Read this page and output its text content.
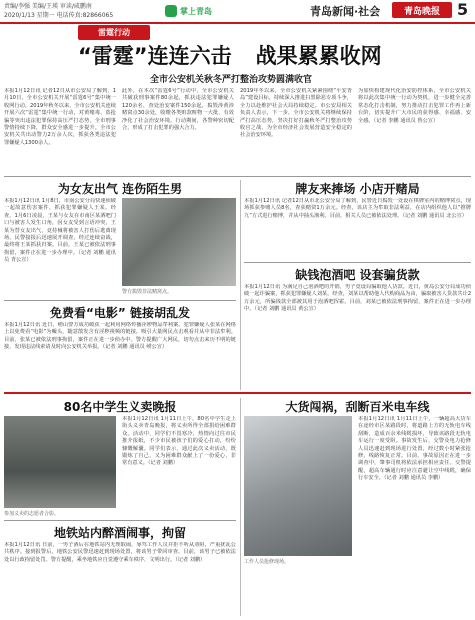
责编/李强 美编/王瑛 审读/咸鹏南
2020/1/13 星期一 电话传真:82866065	掌上青岛	青岛新闻·社会	青岛晚报 5
雷霆行动
“雷霆”连连六击 战果累累收网
全市公安机关秋冬严打整治攻势圆满收官
本报1月12日讯 记者12日从市公安局了解到，1月10日，全市公安机关开展“雷霆6号”集中统一收网行动。2019年秋冬以来，全市公安机关连续开展六次“雷霆”集中统一行动，对黄赌毒、盗抢骗等突出违法犯罪保持高压严打态势，全市刑事警情持续下降，群众安全感进一步提升。全市公安机关共出动警力2万余人次，抓获各类违法犯罪嫌疑人1300余人。
此外，在本次“雷霆6号”行动中，全市公安机关共破获刑事案件80余起，抓获违法犯罪嫌疑人120余名，查处治安案件150余起，捣毁涉黄涉赌窝点30余处，收缴各类赃款赃物一大批，有效净化了社会治安环境。行动期间，各警种密切配合，形成了打击犯罪的强大合力。
2019年冬以来，全市公安机关紧紧围绕“平安青岛”建设目标，持续深入推进扫黑除恶专项斗争，全力以赴维护社会大局持续稳定。市公安局相关负责人表示，下一步，全市公安机关将继续保持严打高压态势，坚决打好打赢秋冬严打整治攻势收官之战，为全市经济社会发展营造安全稳定的社会治安环境。
为加快构建现代化治安防控体系，全市公安机关将以此次集中统一行动为契机，进一步健全完善常态化打击机制，努力推动打击犯罪工作再上新台阶，切实提升广大市民的获得感、幸福感、安全感。（记者 李鹏 通讯员 鲁公宣）
为女友出气 连伤陌生男
本报1月12日讯 1月8日，市南公安分局快速侦破一起故意伤害案件，抓获犯罪嫌疑人王某。经查，1月6日凌晨，王某与女友在市南区某酒吧门口与被害人发生口角，因女友受到言语冲突，王某为替女友出气，竟持械将被害人打伤后逃离现场。民警接报后迅速展开调查，经过连续奋战，最终将王某抓获归案。目前，王某已被依法刑事拘留，案件正在进一步办理中。（记者 刘鹏 通讯员 青公宣）
警方捣毁非法赌窝点。
牌友来捧场 小店开赌局
本报1月12日讯 记者12日从市北公安分局了解到，民警近日捣毁一处设在棋牌室内的赌博窝点，现场抓获参赌人员8名，查获赌资1万余元。经查，该店主为牟取非法利益，在店内组织他人以“推牌九”方式进行赌博，并从中抽头渔利。目前，相关人员已被依法处理。（记者 刘鹏 通讯员 北公宣）
免费看“电影” 链接胡乱发
本报1月12日讯 近日，崂山警方成功破获一起利用网络传播淫秽物品牟利案。犯罪嫌疑人张某在网络上以免费看“电影”为噱头，随意散发含有淫秽视频的链接，吸引大量网民点击观看并从中非法牟利。目前，张某已被依法刑事拘留，案件正在进一步侦办中。警方提醒广大网民，切勿点击来历不明的链接，发现违法线索请及时向公安机关举报。（记者 刘鹏 通讯员 崂公宣）
缺钱泡酒吧 设套骗货款
本报1月12日讯 为满足自己泡酒吧的开销，男子竟设局骗取他人货款。近日，黄岛公安分局成功侦破一起诈骗案，抓获犯罪嫌疑人刘某。经查，刘某以帮助他人代购商品为由，骗取被害人货款共计2万余元，所骗钱款全部被其用于泡酒吧挥霍。目前，刘某已被依法刑事拘留，案件正在进一步办理中。（记者 刘鹏 通讯员 黄公宣）
80名中学生义卖晚报
参加义卖的志愿者合影。
本报1月12日讯 1月11日上午，80名中学生走上街头义卖青岛晚报，将义卖所得全部捐给困难群众。活动中，同学们不畏寒冷，热情向过往市民推介报纸，不少市民被孩子们的爱心打动，纷纷慷慨解囊。同学们表示，通过此次义卖活动，既锻炼了自己，又为困难群众献上了一份爱心，非常有意义。（记者 刘鹏）
地铁站内醉酒闹事，拘留
本报1月12日讯 日前，一男子酒后在地铁站内无理取闹，辱骂工作人员并拒不听从劝阻，严重扰乱公共秩序。接到报警后，地铁公安民警迅速赶到现场处置，将该男子带回审查。目前，该男子已被依法处以行政拘留处罚。警方提醒，乘坐地铁应自觉遵守乘车秩序，文明出行。（记者 刘鹏）
大货闯祸，刮断百米电车线
工作人员抢修现场。
本报1月12日讯 1月11日上午，一辆超高大货车在途经市区某路段时，将道路上方的无轨电车线刮断，造成百余米线缆损坏，导致该路段无轨电车运行一度受阻。事故发生后，交警及电力抢修人员迅速赶到现场进行处置，经过数小时紧张抢修，线路恢复正常。目前，事故原因正在进一步调查中，肇事司机将依法承担相应责任。交警提醒，超高车辆通行时应注意避让空中线缆，确保行车安全。（记者 刘鹏 通讯员 李鹏）
